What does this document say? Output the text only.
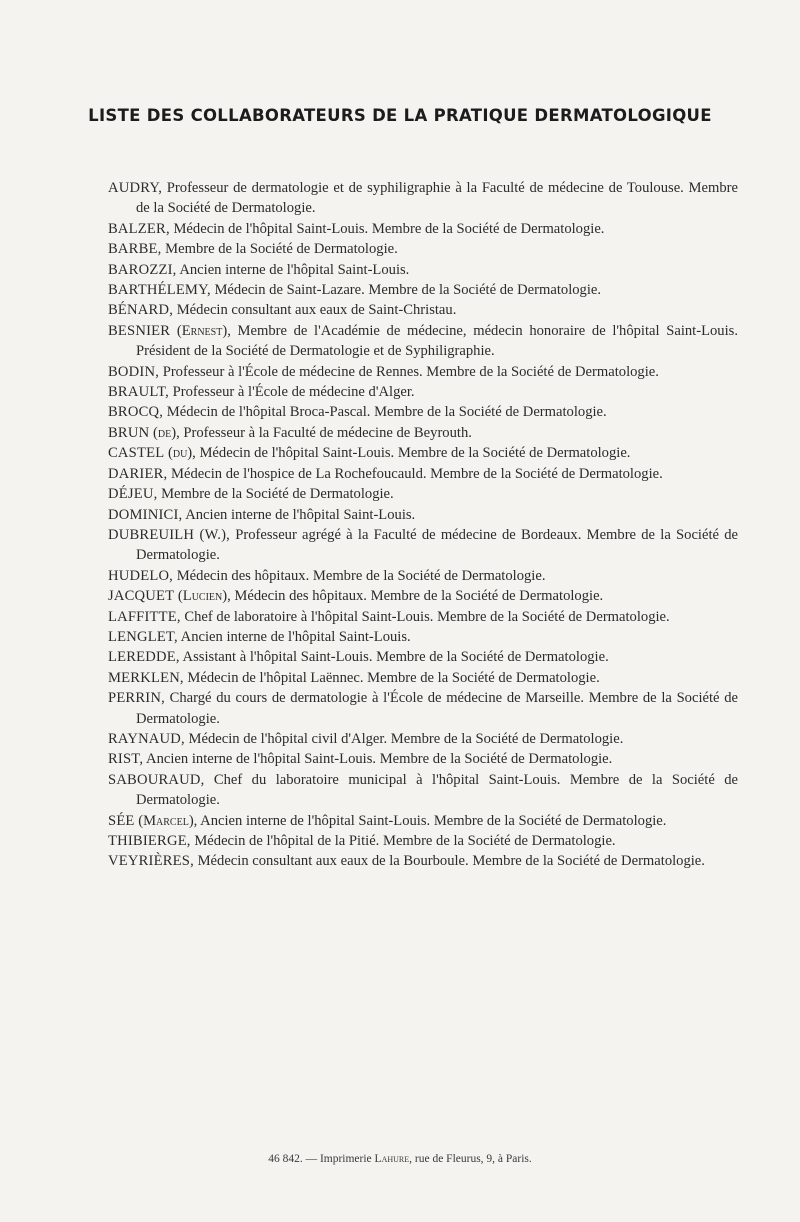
LISTE DES COLLABORATEURS DE LA PRATIQUE DERMATOLOGIQUE

AUDRY, Professeur de dermatologie et de syphiligraphie à la Faculté de médecine de Toulouse. Membre de la Société de Dermatologie.

BALZER, Médecin de l'hôpital Saint-Louis. Membre de la Société de Dermatologie.

BARBE, Membre de la Société de Dermatologie.

BAROZZI, Ancien interne de l'hôpital Saint-Louis.

BARTHÉLEMY, Médecin de Saint-Lazare. Membre de la Société de Dermatologie.

BÉNARD, Médecin consultant aux eaux de Saint-Christau.

BESNIER (Ernest), Membre de l'Académie de médecine, médecin honoraire de l'hôpital Saint-Louis. Président de la Société de Dermatologie et de Syphiligraphie.

BODIN, Professeur à l'École de médecine de Rennes. Membre de la Société de Dermatologie.

BRAULT, Professeur à l'École de médecine d'Alger.

BROCQ, Médecin de l'hôpital Broca-Pascal. Membre de la Société de Dermatologie.

BRUN (de), Professeur à la Faculté de médecine de Beyrouth.

CASTEL (du), Médecin de l'hôpital Saint-Louis. Membre de la Société de Dermatologie.

DARIER, Médecin de l'hospice de La Rochefoucauld. Membre de la Société de Dermatologie.

DÉJEU, Membre de la Société de Dermatologie.

DOMINICI, Ancien interne de l'hôpital Saint-Louis.

DUBREUILH (W.), Professeur agrégé à la Faculté de médecine de Bordeaux. Membre de la Société de Dermatologie.

HUDELO, Médecin des hôpitaux. Membre de la Société de Dermatologie.

JACQUET (Lucien), Médecin des hôpitaux. Membre de la Société de Dermatologie.

LAFFITTE, Chef de laboratoire à l'hôpital Saint-Louis. Membre de la Société de Dermatologie.

LENGLET, Ancien interne de l'hôpital Saint-Louis.

LEREDDE, Assistant à l'hôpital Saint-Louis. Membre de la Société de Dermatologie.

MERKLEN, Médecin de l'hôpital Laënnec. Membre de la Société de Dermatologie.

PERRIN, Chargé du cours de dermatologie à l'École de médecine de Marseille. Membre de la Société de Dermatologie.

RAYNAUD, Médecin de l'hôpital civil d'Alger. Membre de la Société de Dermatologie.

RIST, Ancien interne de l'hôpital Saint-Louis. Membre de la Société de Dermatologie.

SABOURAUD, Chef du laboratoire municipal à l'hôpital Saint-Louis. Membre de la Société de Dermatologie.

SÉE (Marcel), Ancien interne de l'hôpital Saint-Louis. Membre de la Société de Dermatologie.

THIBIERGE, Médecin de l'hôpital de la Pitié. Membre de la Société de Dermatologie.

VEYRIÈRES, Médecin consultant aux eaux de la Bourboule. Membre de la Société de Dermatologie.

46 842. — Imprimerie Lahure, rue de Fleurus, 9, à Paris.
